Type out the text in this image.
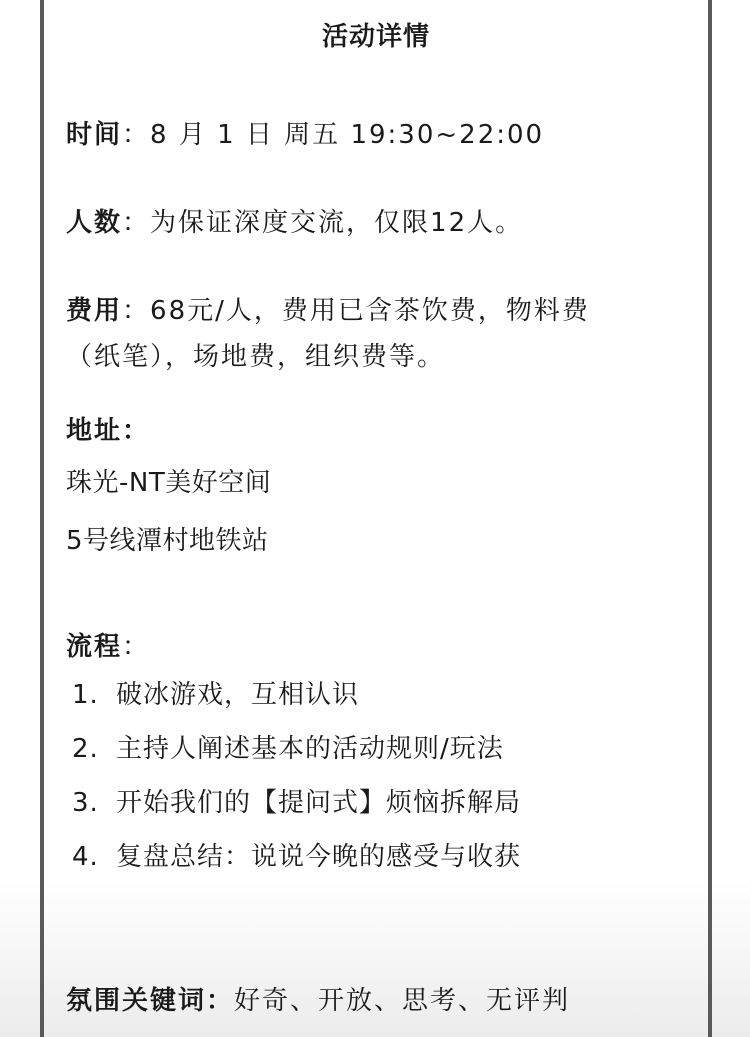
活动详情
时间：8 月 1 日 周五 19:30~22:00
人数：为保证深度交流，仅限12人。
费用：68元/人，费用已含茶饮费，物料费
（纸笔），场地费，组织费等。
地址：
珠光-NT美好空间
5号线潭村地铁站
流程：
1. 破冰游戏，互相认识
2. 主持人阐述基本的活动规则/玩法
3. 开始我们的【提问式】烦恼拆解局
4. 复盘总结：说说今晚的感受与收获
氛围关键词：好奇、开放、思考、无评判
